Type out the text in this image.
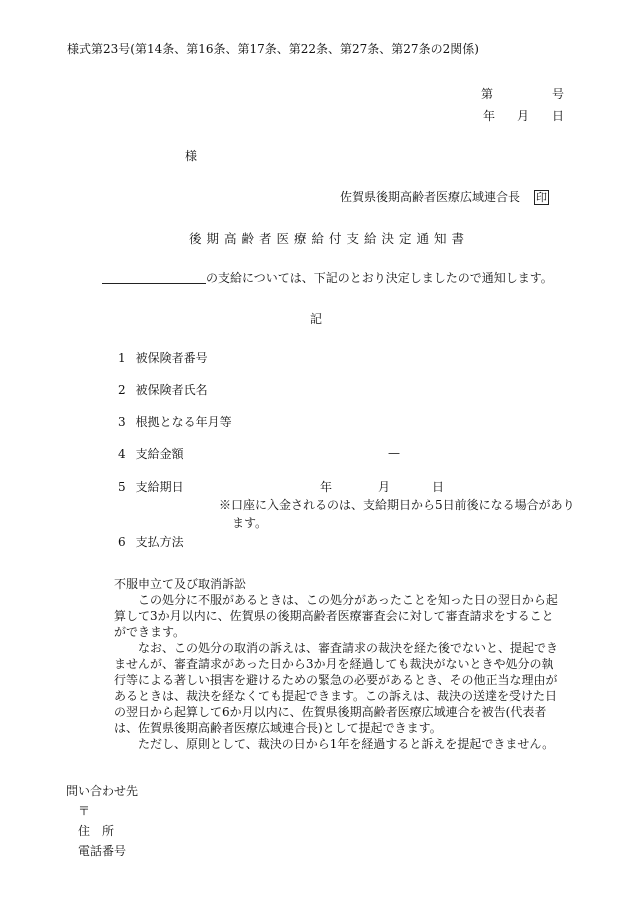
様式第23号(第14条、第16条、第17条、第22条、第27条、第27条の2関係)
第	号
年 月 日
様
佐賀県後期高齢者医療広域連合長 印
後期高齢者医療給付支給決定通知書
の支給については、下記のとおり決定しましたので通知します。
記
1 被保険者番号
2 被保険者氏名
3 根拠となる年月等
4 支給金額	—
5 支給期日	年	月	日
※口座に入金されるのは、支給期日から5日前後になる場合があり
ます。
6 支払方法

不服申立て及び取消訴訟

この処分に不服があるときは、この処分があったことを知った日の翌日から起算して3か月以内に、佐賀県の後期高齢者医療審査会に対して審査請求をすることができます。

なお、この処分の取消の訴えは、審査請求の裁決を経た後でないと、提起できませんが、審査請求があった日から3か月を経過しても裁決がないときや処分の執行等による著しい損害を避けるための緊急の必要があるとき、その他正当な理由があるときは、裁決を経なくても提起できます。この訴えは、裁決の送達を受けた日の翌日から起算して6か月以内に、佐賀県後期高齢者医療広域連合を被告(代表者は、佐賀県後期高齢者医療広域連合長)として提起できます。

ただし、原則として、裁決の日から1年を経過すると訴えを提起できません。

問い合わせ先
〒
住　所
電話番号
